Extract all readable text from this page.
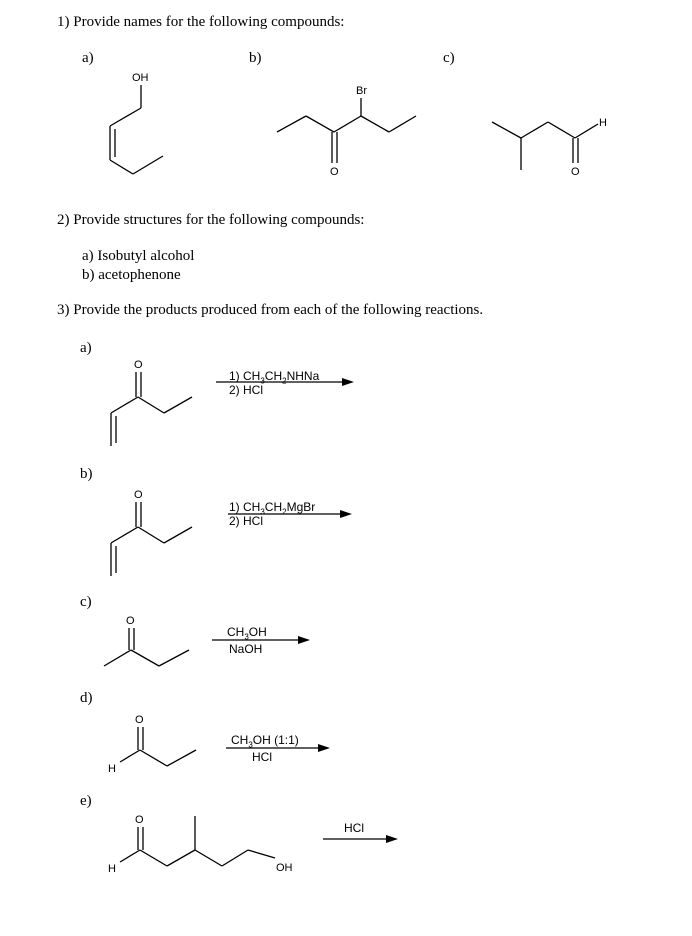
1) Provide names for the following compounds:
a)	b)	c)
OH
Br
O	O
H
O
O
O
O
H
O
H	OH
2) Provide structures for the following compounds:
a) Isobutyl alcohol
b) acetophenone
3) Provide the products produced from each of the following reactions.
a)
b)
c)
d)
e)
1) $CH_3CH_2NHNa$
2) HCl
1) $CH_3CH_2MgBr$
2) HCl
$CH_3OH$
NaOH
$CH_3OH$ (1:1)
HCl
HCl
